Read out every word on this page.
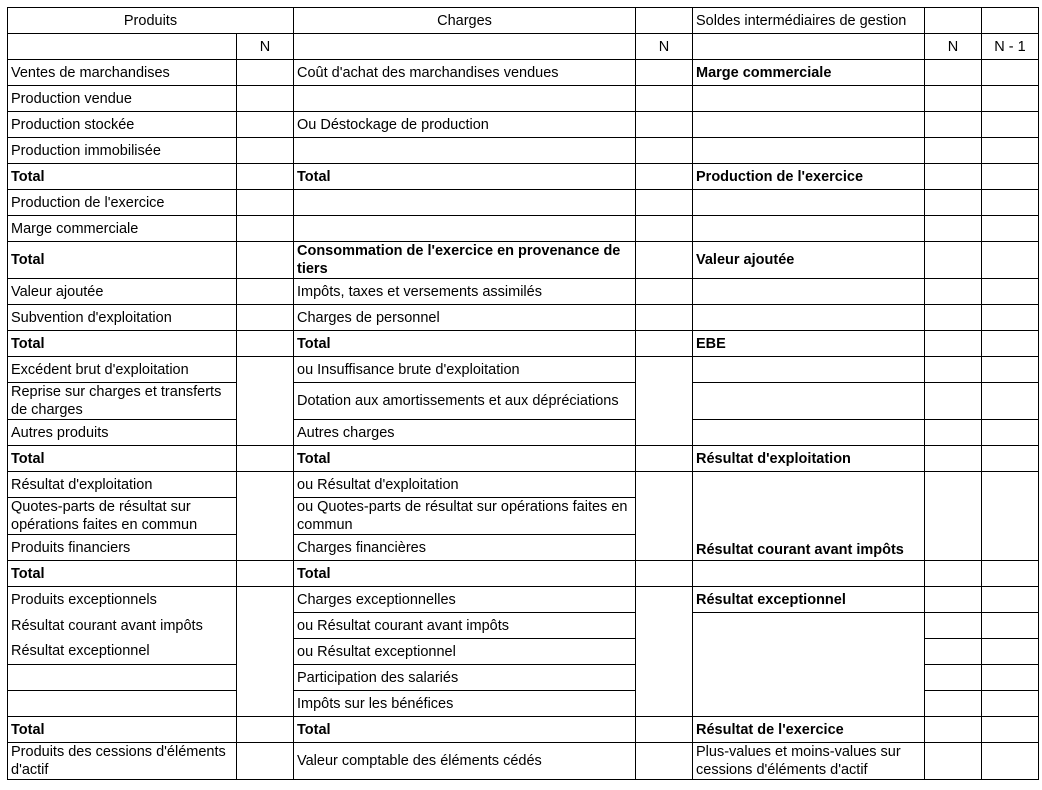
Produits		Charges		Soldes intermédiaires de gestion		
	N		N		N	N - 1
Ventes de marchandises		Coût d'achat des marchandises vendues		Marge commerciale		
Production vendue						
Production stockée		Ou Déstockage de production				
Production immobilisée						
Total		Total		Production de l'exercice		
Production de l'exercice						
Marge commerciale						
Total		Consommation de l'exercice en provenance de tiers		Valeur ajoutée		
Valeur ajoutée		Impôts, taxes et versements assimilés				
Subvention d'exploitation		Charges de personnel				
Total		Total		EBE		
Excédent brut d'exploitation		ou Insuffisance brute d'exploitation				
Reprise sur charges et transferts de charges		Dotation aux amortissements et aux dépréciations				
Autres produits		Autres charges				
Total		Total		Résultat d'exploitation		
Résultat d'exploitation		ou Résultat d'exploitation				
Quotes-parts de résultat sur opérations faites en commun		ou Quotes-parts de résultat sur opérations faites en commun				
Produits financiers		Charges financières		Résultat courant avant impôts		

Total		Total				
Produits exceptionnels		Charges exceptionnelles		Résultat exceptionnel		
Résultat courant avant impôts		ou Résultat courant avant impôts				
Résultat exceptionnel		ou Résultat exceptionnel				
		Participation des salariés				
		Impôts sur les bénéfices				
Total		Total		Résultat de l'exercice		
Produits des cessions d'éléments d'actif		Valeur comptable des éléments cédés		Plus-values et moins-values sur cessions d'éléments d'actif		
